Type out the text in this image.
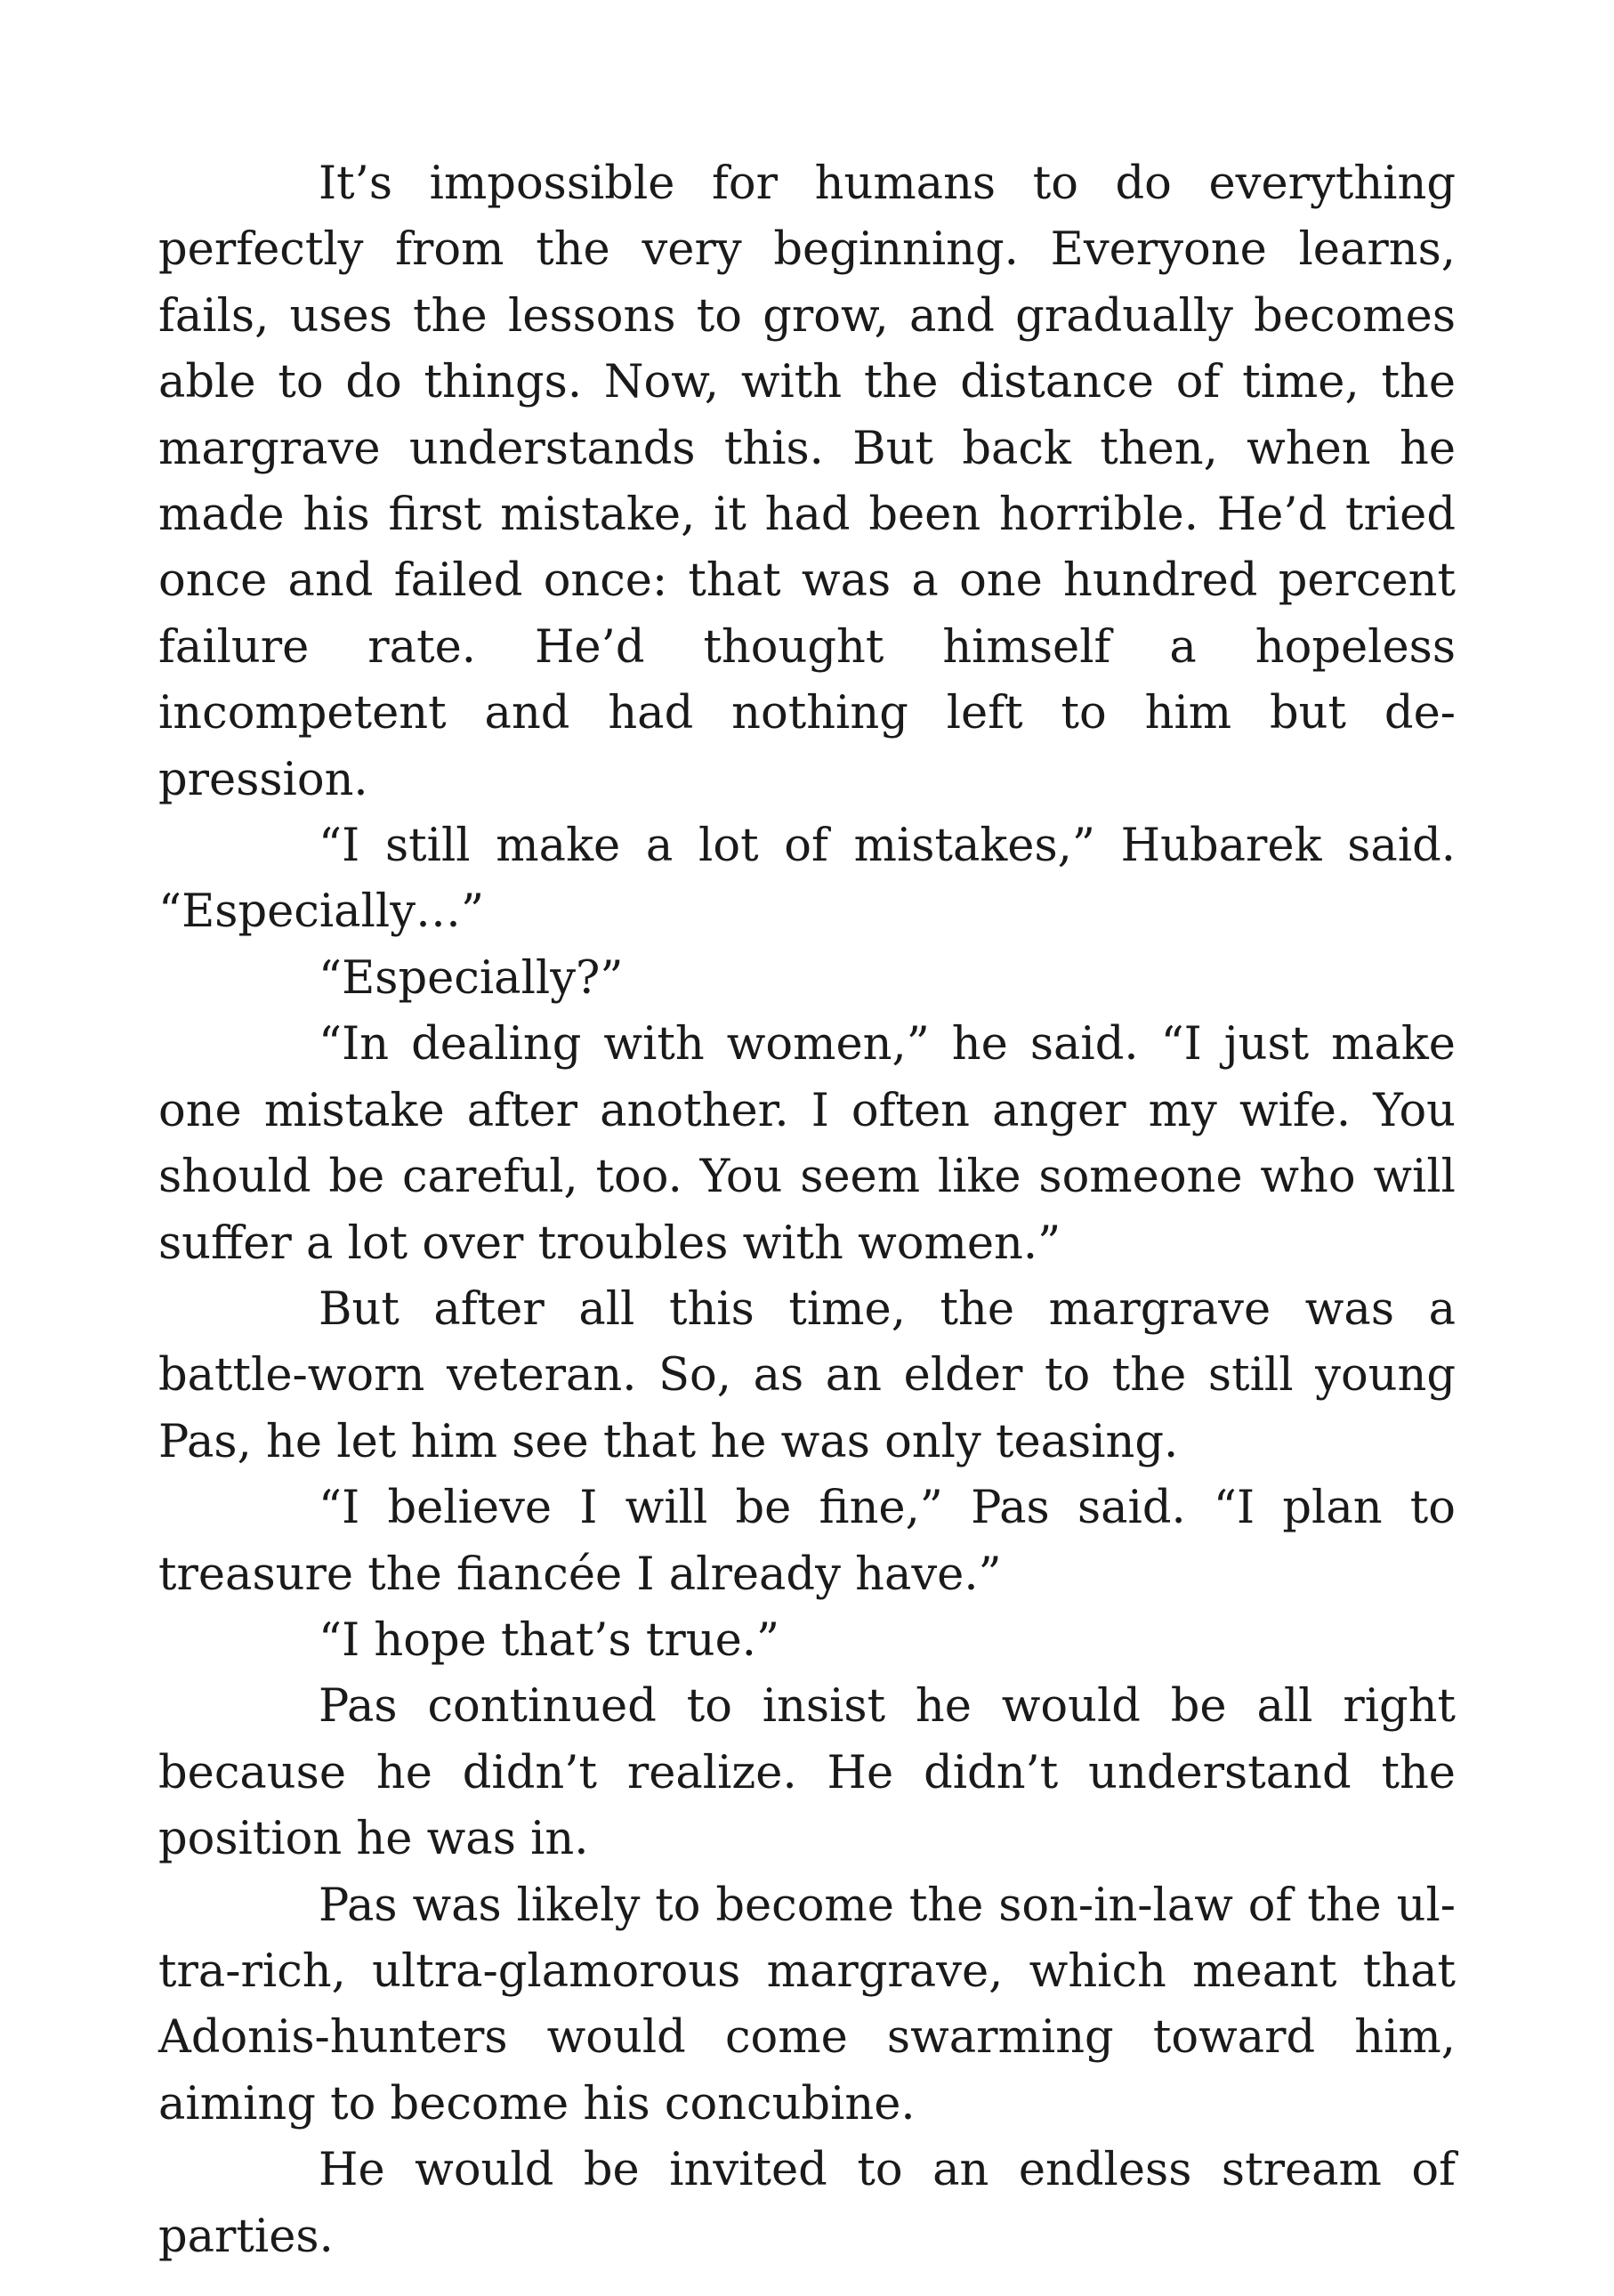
It’s impossible for humans to do everything perfectly from the very beginning. Everyone learns, fails, uses the lessons to grow, and gradually becomes able to do things. Now, with the distance of time, the margrave understands this. But back then, when he made his first mistake, it had been horrible. He’d tried once and failed once: that was a one hundred percent failure rate. He’d thought himself a hopeless incompetent and had nothing left to him but depression.

“I still make a lot of mistakes,” Hubarek said. “Especially…”

“Especially?”

“In dealing with women,” he said. “I just make one mistake after another. I often anger my wife. You should be careful, too. You seem like someone who will suffer a lot over troubles with women.”

But after all this time, the margrave was a battle-worn veteran. So, as an elder to the still young Pas, he let him see that he was only teasing.

“I believe I will be fine,” Pas said. “I plan to treasure the fiancée I already have.”

“I hope that’s true.”

Pas continued to insist he would be all right because he didn’t realize. He didn’t understand the position he was in.

Pas was likely to become the son-in-law of the ultra-rich, ultra-glamorous margrave, which meant that Adonis-hunters would come swarming toward him, aiming to become his concubine.

He would be invited to an endless stream of parties.
